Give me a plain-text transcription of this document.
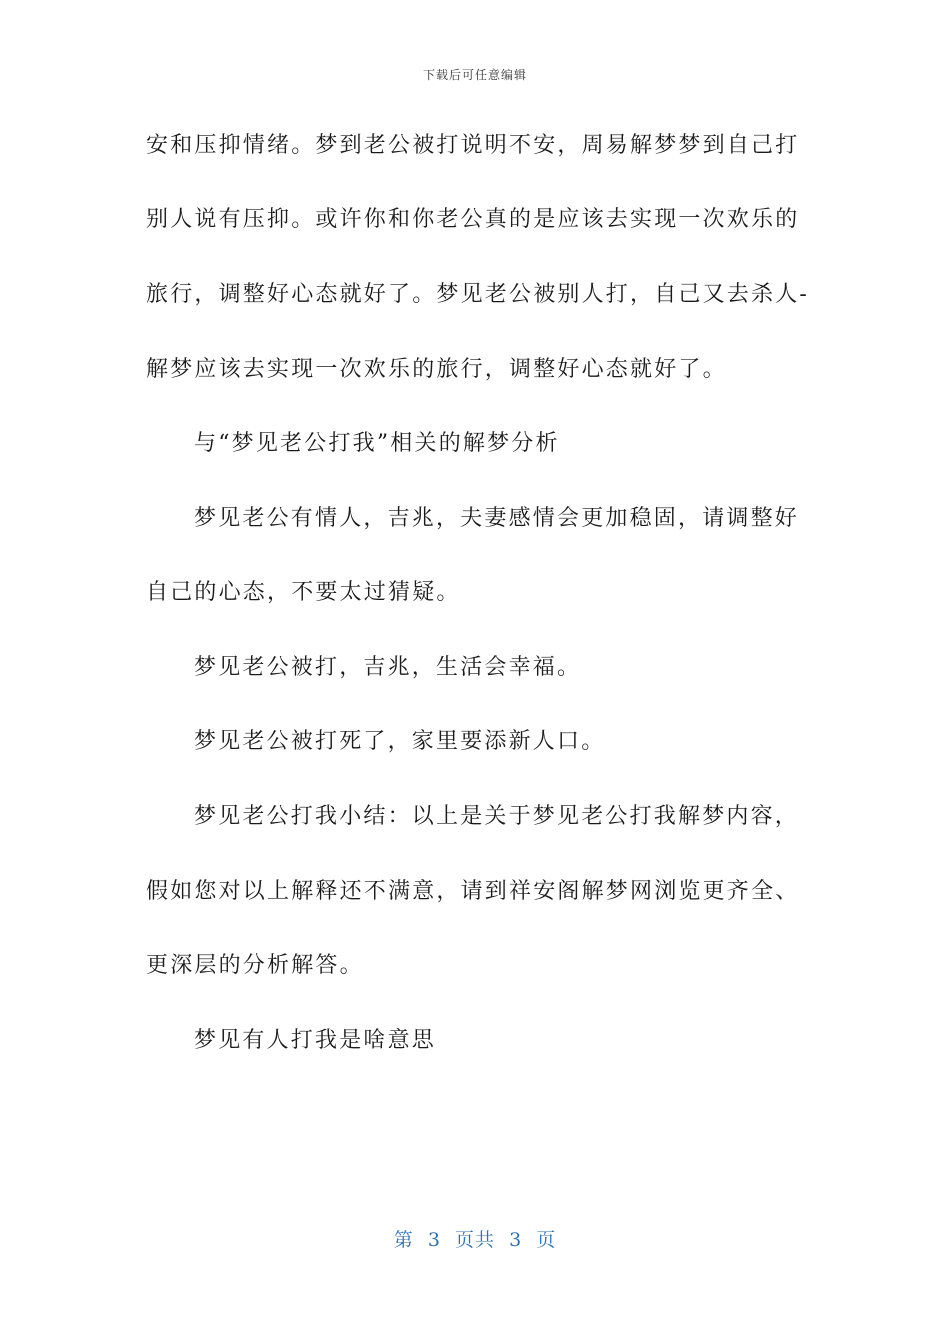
下载后可任意编辑
安和压抑情绪。梦到老公被打说明不安，周易解梦梦到自己打
别人说有压抑。或许你和你老公真的是应该去实现一次欢乐的
旅行，调整好心态就好了。梦见老公被别人打，自己又去杀人-
解梦应该去实现一次欢乐的旅行，调整好心态就好了。
与“梦见老公打我”相关的解梦分析
梦见老公有情人，吉兆，夫妻感情会更加稳固，请调整好
自己的心态，不要太过猜疑。
梦见老公被打，吉兆，生活会幸福。
梦见老公被打死了，家里要添新人口。
梦见老公打我小结：以上是关于梦见老公打我解梦内容，
假如您对以上解释还不满意，请到祥安阁解梦网浏览更齐全、
更深层的分析解答。
梦见有人打我是啥意思
第  3  页共  3  页
